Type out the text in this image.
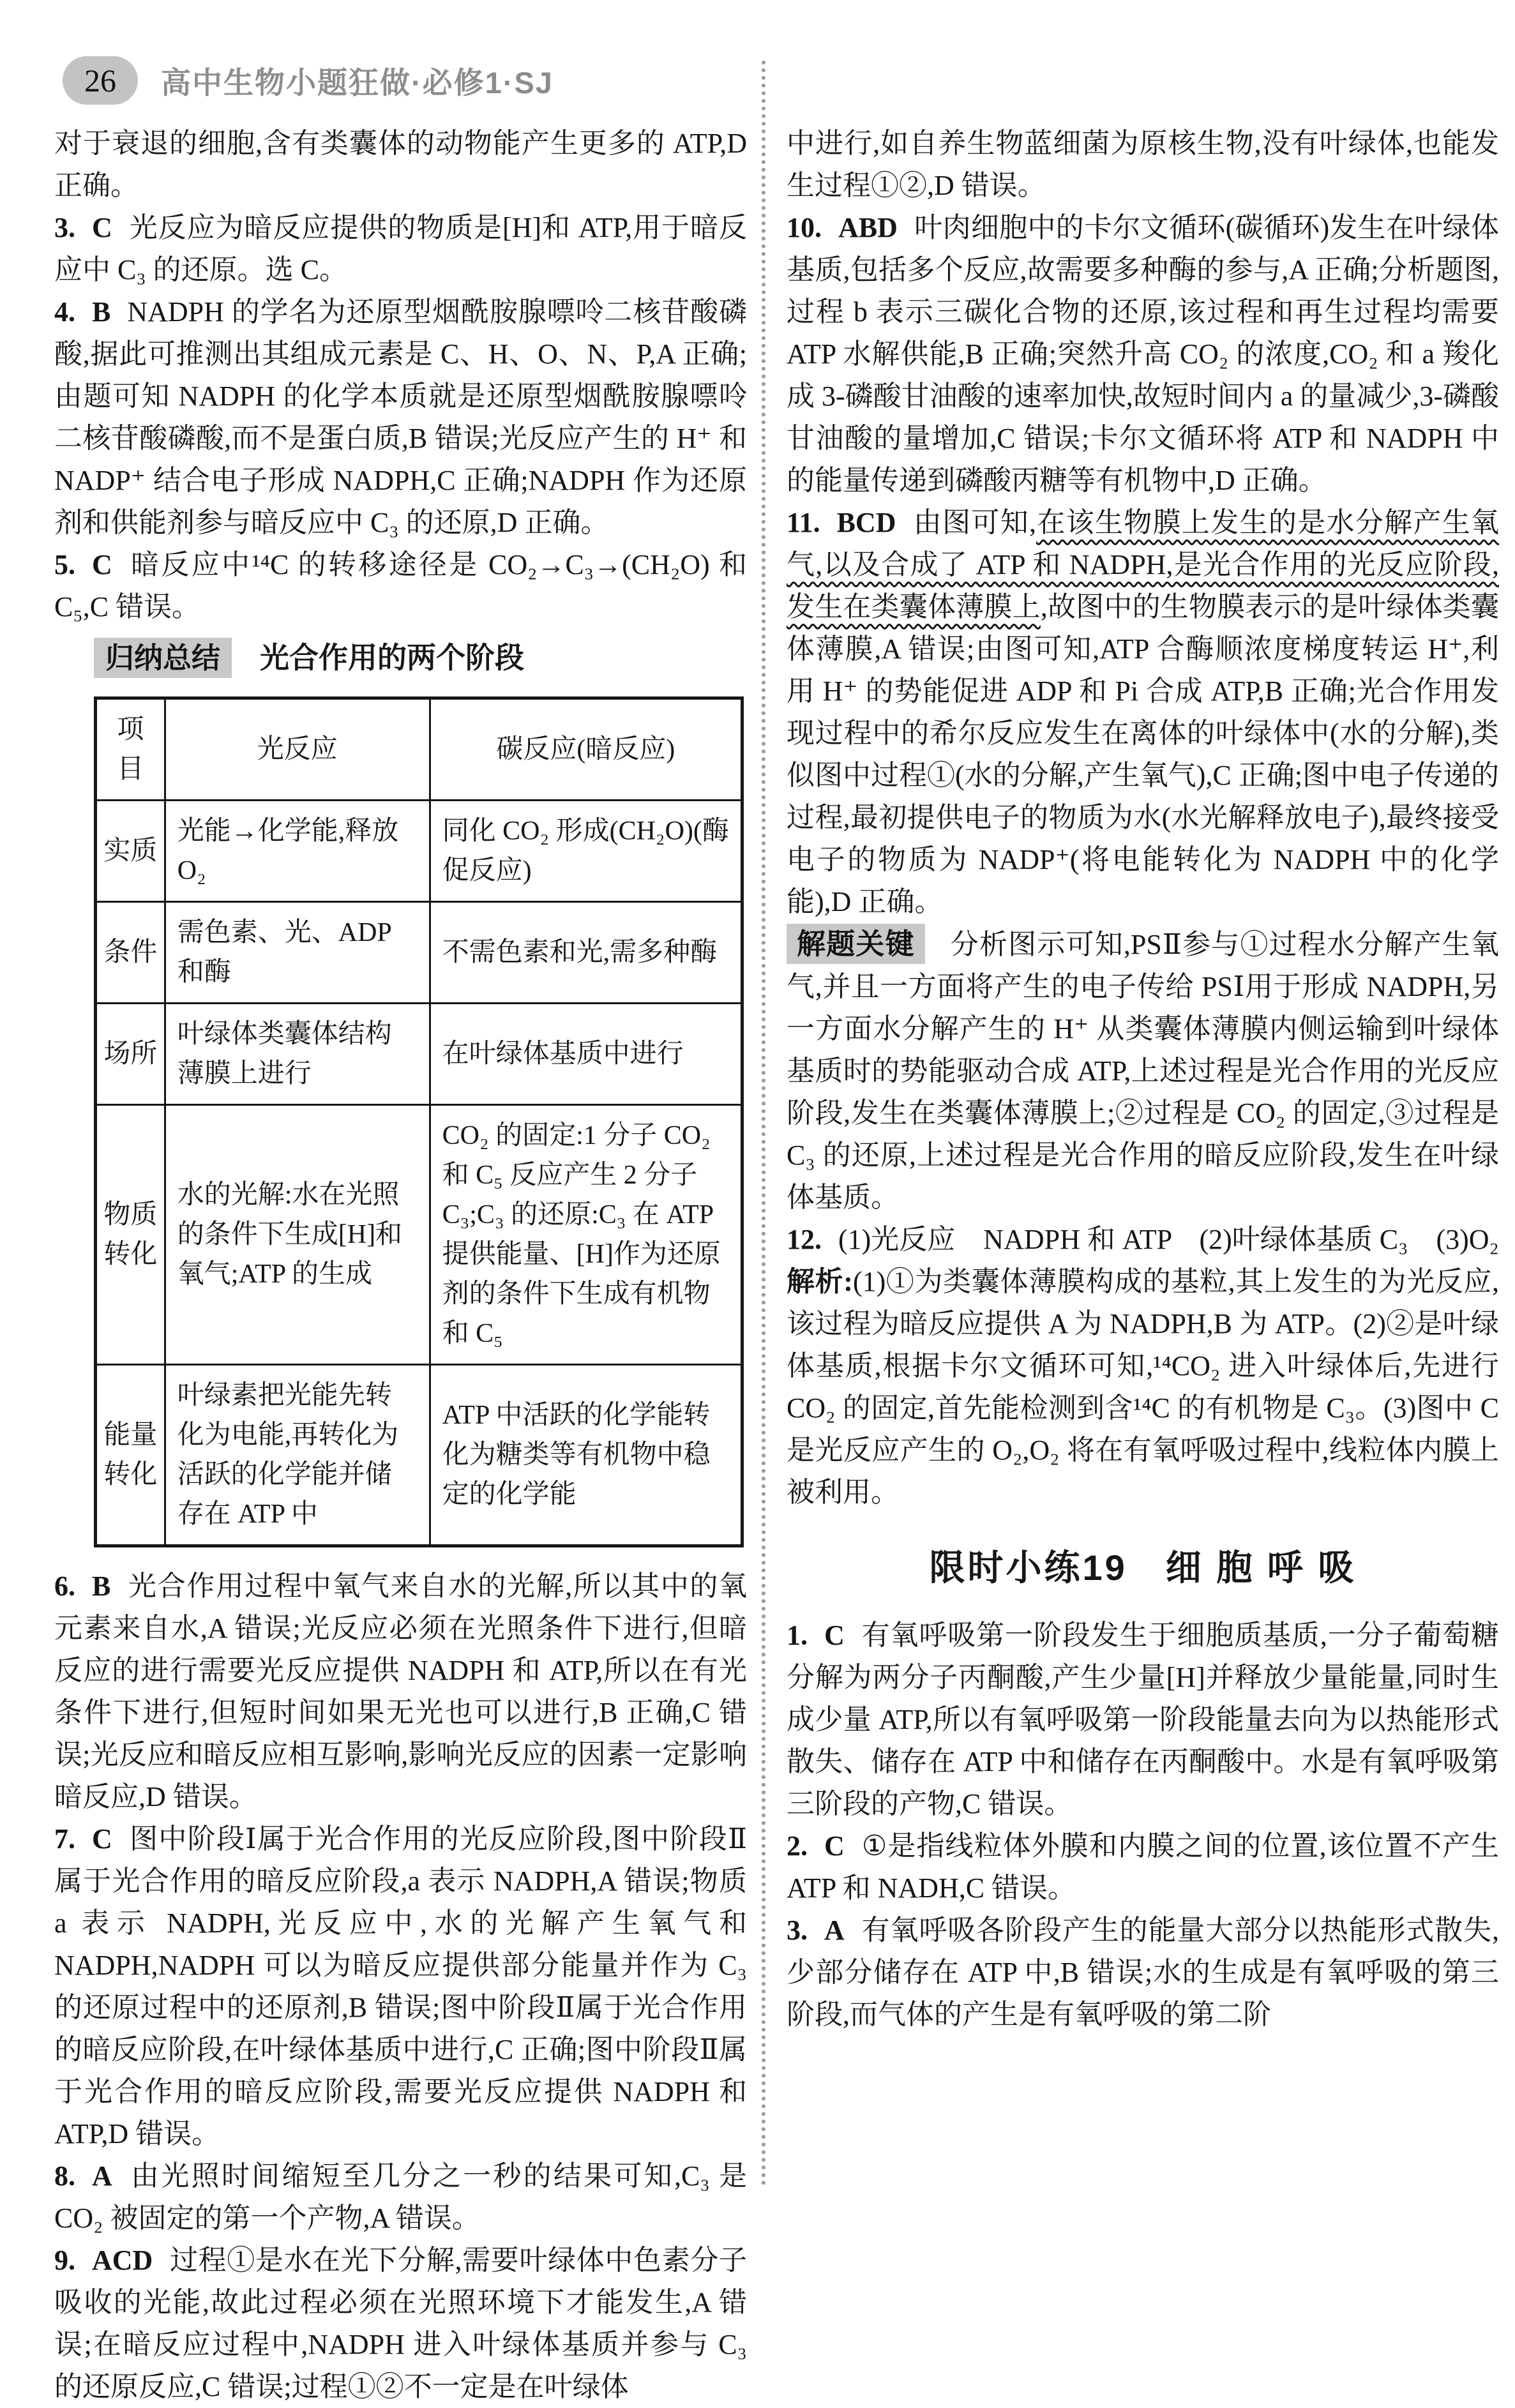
26 高中生物小题狂做·必修1·SJ

对于衰退的细胞,含有类囊体的动物能产生更多的 ATP,D 正确。

3. C 光反应为暗反应提供的物质是[H]和 ATP,用于暗反应中 C₃ 的还原。选 C。

4. B NADPH 的学名为还原型烟酰胺腺嘌呤二核苷酸磷酸,据此可推测出其组成元素是 C、H、O、N、P,A 正确;由题可知 NADPH 的化学本质就是还原型烟酰胺腺嘌呤二核苷酸磷酸,而不是蛋白质,B 错误;光反应产生的 H⁺ 和 NADP⁺ 结合电子形成 NADPH,C 正确;NADPH 作为还原剂和供能剂参与暗反应中 C₃ 的还原,D 正确。

5. C 暗反应中¹⁴C 的转移途径是 CO₂→C₃→(CH₂O) 和 C₅,C 错误。

归纳总结 光合作用的两个阶段

项目	光反应	碳反应(暗反应)
实质	光能→化学能,释放 O₂	同化 CO₂ 形成(CH₂O)(酶促反应)
条件	需色素、光、ADP 和酶	不需色素和光,需多种酶
场所	叶绿体类囊体结构薄膜上进行	在叶绿体基质中进行
物质转化	水的光解:水在光照的条件下生成[H]和氧气;ATP 的生成	CO₂ 的固定:1 分子 CO₂ 和 C₅ 反应产生 2 分子 C₃;C₃ 的还原:C₃ 在 ATP 提供能量、[H]作为还原剂的条件下生成有机物和 C₅
能量转化	叶绿素把光能先转化为电能,再转化为活跃的化学能并储存在 ATP 中	ATP 中活跃的化学能转化为糖类等有机物中稳定的化学能

6. B 光合作用过程中氧气来自水的光解,所以其中的氧元素来自水,A 错误;光反应必须在光照条件下进行,但暗反应的进行需要光反应提供 NADPH 和 ATP,所以在有光条件下进行,但短时间如果无光也可以进行,B 正确,C 错误;光反应和暗反应相互影响,影响光反应的因素一定影响暗反应,D 错误。

7. C 图中阶段Ⅰ属于光合作用的光反应阶段,图中阶段Ⅱ属于光合作用的暗反应阶段,a 表示 NADPH,A 错误;物质 a 表示 NADPH,光反应中,水的光解产生氧气和 NADPH,NADPH 可以为暗反应提供部分能量并作为 C₃ 的还原过程中的还原剂,B 错误;图中阶段Ⅱ属于光合作用的暗反应阶段,在叶绿体基质中进行,C 正确;图中阶段Ⅱ属于光合作用的暗反应阶段,需要光反应提供 NADPH 和 ATP,D 错误。

8. A 由光照时间缩短至几分之一秒的结果可知,C₃ 是 CO₂ 被固定的第一个产物,A 错误。

9. ACD 过程①是水在光下分解,需要叶绿体中色素分子吸收的光能,故此过程必须在光照环境下才能发生,A 错误;在暗反应过程中,NADPH 进入叶绿体基质并参与 C₃ 的还原反应,C 错误;过程①②不一定是在叶绿体

中进行,如自养生物蓝细菌为原核生物,没有叶绿体,也能发生过程①②,D 错误。

10. ABD 叶肉细胞中的卡尔文循环(碳循环)发生在叶绿体基质,包括多个反应,故需要多种酶的参与,A 正确;分析题图,过程 b 表示三碳化合物的还原,该过程和再生过程均需要 ATP 水解供能,B 正确;突然升高 CO₂ 的浓度,CO₂ 和 a 羧化成 3-磷酸甘油酸的速率加快,故短时间内 a 的量减少,3-磷酸甘油酸的量增加,C 错误;卡尔文循环将 ATP 和 NADPH 中的能量传递到磷酸丙糖等有机物中,D 正确。

11. BCD 由图可知,在该生物膜上发生的是水分解产生氧气,以及合成了 ATP 和 NADPH,是光合作用的光反应阶段,发生在类囊体薄膜上,故图中的生物膜表示的是叶绿体类囊体薄膜,A 错误;由图可知,ATP 合酶顺浓度梯度转运 H⁺,利用 H⁺ 的势能促进 ADP 和 Pi 合成 ATP,B 正确;光合作用发现过程中的希尔反应发生在离体的叶绿体中(水的分解),类似图中过程①(水的分解,产生氧气),C 正确;图中电子传递的过程,最初提供电子的物质为水(水光解释放电子),最终接受电子的物质为 NADP⁺(将电能转化为 NADPH 中的化学能),D 正确。

解题关键 分析图示可知,PSⅡ参与①过程水分解产生氧气,并且一方面将产生的电子传给 PSⅠ用于形成 NADPH,另一方面水分解产生的 H⁺ 从类囊体薄膜内侧运输到叶绿体基质时的势能驱动合成 ATP,上述过程是光合作用的光反应阶段,发生在类囊体薄膜上;②过程是 CO₂ 的固定,③过程是 C₃ 的还原,上述过程是光合作用的暗反应阶段,发生在叶绿体基质。

12. (1)光反应　NADPH 和 ATP　(2)叶绿体基质 C₃　(3)O₂

解析:(1)①为类囊体薄膜构成的基粒,其上发生的为光反应,该过程为暗反应提供 A 为 NADPH,B 为 ATP。(2)②是叶绿体基质,根据卡尔文循环可知,¹⁴CO₂ 进入叶绿体后,先进行 CO₂ 的固定,首先能检测到含¹⁴C 的有机物是 C₃。(3)图中 C 是光反应产生的 O₂,O₂ 将在有氧呼吸过程中,线粒体内膜上被利用。

限时小练19　细 胞 呼 吸

1. C 有氧呼吸第一阶段发生于细胞质基质,一分子葡萄糖分解为两分子丙酮酸,产生少量[H]并释放少量能量,同时生成少量 ATP,所以有氧呼吸第一阶段能量去向为以热能形式散失、储存在 ATP 中和储存在丙酮酸中。水是有氧呼吸第三阶段的产物,C 错误。

2. C ①是指线粒体外膜和内膜之间的位置,该位置不产生 ATP 和 NADH,C 错误。

3. A 有氧呼吸各阶段产生的能量大部分以热能形式散失,少部分储存在 ATP 中,B 错误;水的生成是有氧呼吸的第三阶段,而气体的产生是有氧呼吸的第二阶
